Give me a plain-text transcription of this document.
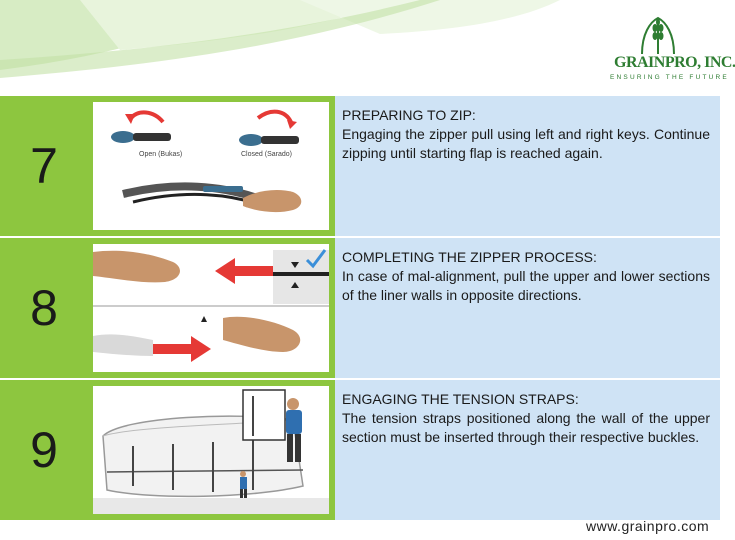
GRAINPRO, INC.
ENSURING THE FUTURE
7	Open (Bukas)	Closed (Sarado)
PREPARING TO ZIP:
Engaging the zipper pull using left and right keys. Continue zipping until starting flap is reached again.
8
COMPLETING THE ZIPPER PROCESS:
In case of mal-alignment, pull the upper and lower sections of the liner walls in opposite directions.
9
ENGAGING THE TENSION STRAPS:
The tension straps positioned along the wall of the upper section must be inserted through their respective buckles.
www.grainpro.com
